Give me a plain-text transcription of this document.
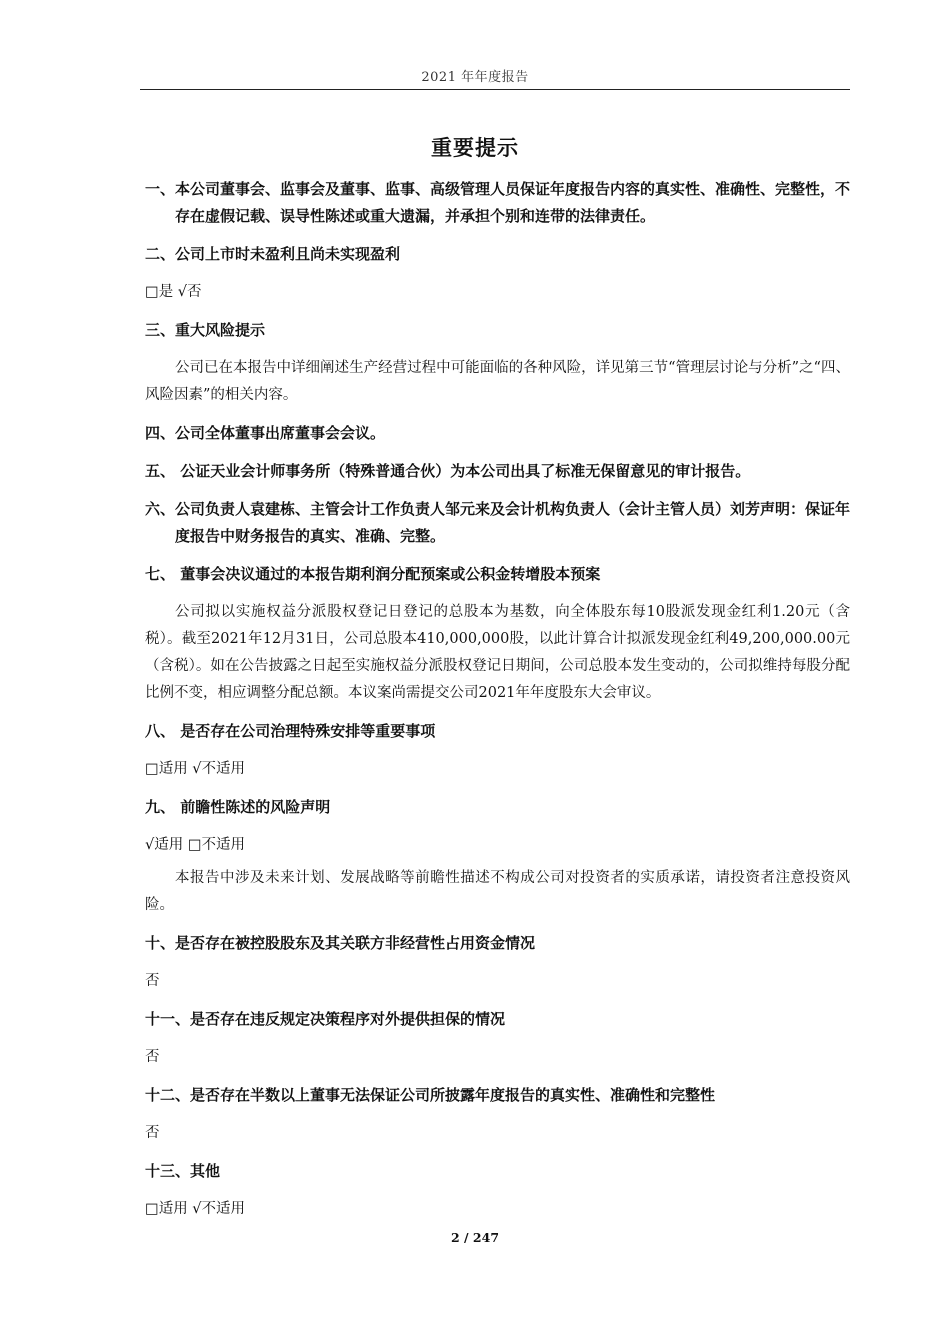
2021 年年度报告
重要提示
一、本公司董事会、监事会及董事、监事、高级管理人员保证年度报告内容的真实性、准确性、完整性，不存在虚假记载、误导性陈述或重大遗漏，并承担个别和连带的法律责任。
二、公司上市时未盈利且尚未实现盈利
□是 √否
三、重大风险提示
公司已在本报告中详细阐述生产经营过程中可能面临的各种风险，详见第三节“管理层讨论与分析”之“四、风险因素”的相关内容。
四、公司全体董事出席董事会会议。
五、 公证天业会计师事务所（特殊普通合伙）为本公司出具了标准无保留意见的审计报告。
六、公司负责人袁建栋、主管会计工作负责人邹元来及会计机构负责人（会计主管人员）刘芳声明：保证年度报告中财务报告的真实、准确、完整。
七、 董事会决议通过的本报告期利润分配预案或公积金转增股本预案
公司拟以实施权益分派股权登记日登记的总股本为基数，向全体股东每10股派发现金红利1.20元（含税）。截至2021年12月31日，公司总股本410,000,000股，以此计算合计拟派发现金红利49,200,000.00元（含税）。如在公告披露之日起至实施权益分派股权登记日期间，公司总股本发生变动的，公司拟维持每股分配比例不变，相应调整分配总额。本议案尚需提交公司2021年年度股东大会审议。
八、 是否存在公司治理特殊安排等重要事项
□适用 √不适用
九、 前瞻性陈述的风险声明
√适用 □不适用
本报告中涉及未来计划、发展战略等前瞻性描述不构成公司对投资者的实质承诺，请投资者注意投资风险。
十、是否存在被控股股东及其关联方非经营性占用资金情况
否
十一、是否存在违反规定决策程序对外提供担保的情况
否
十二、是否存在半数以上董事无法保证公司所披露年度报告的真实性、准确性和完整性
否
十三、其他
□适用 √不适用
2 / 247
